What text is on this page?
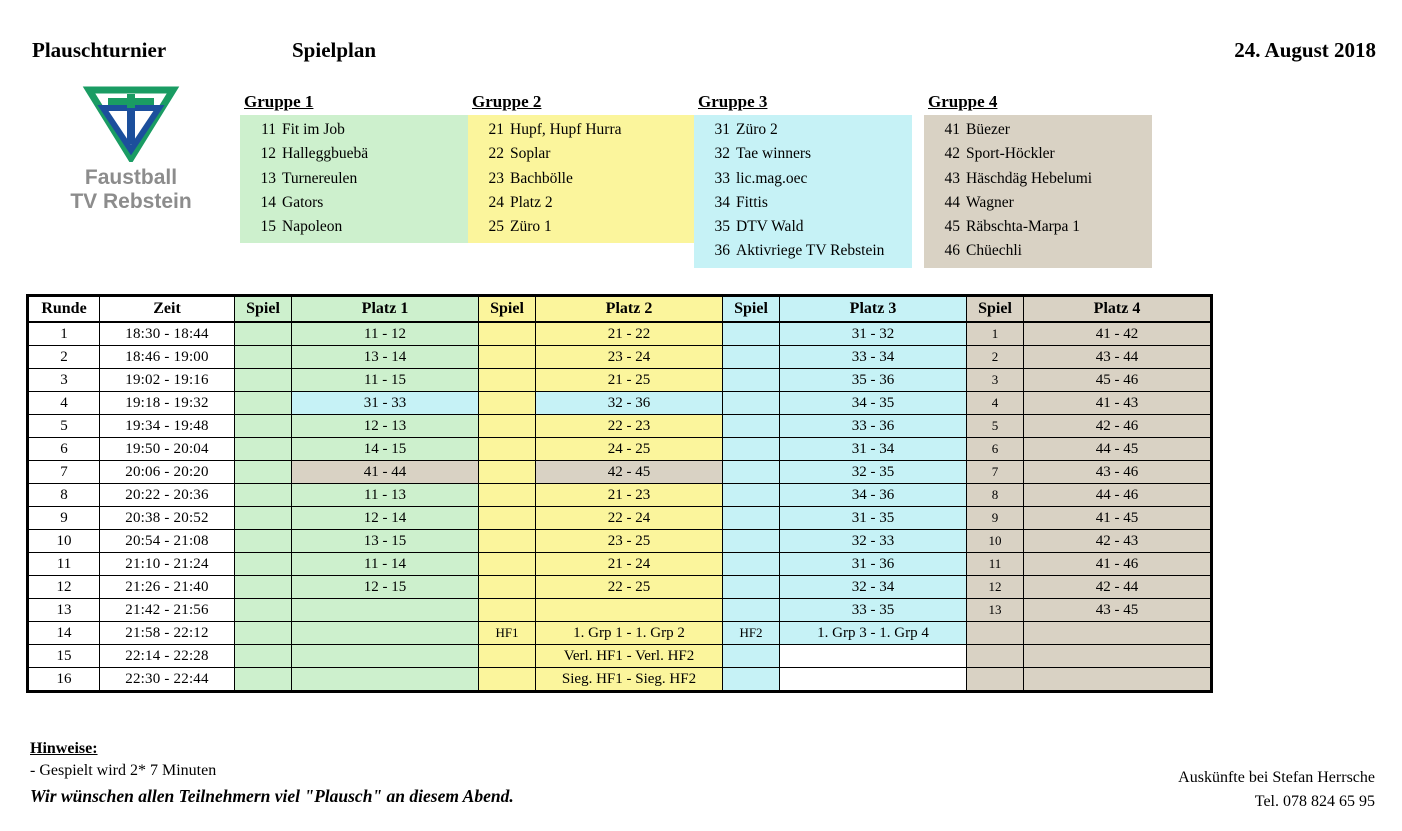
Plauschturnier	Spielplan	24. August 2018
Faustball
TV Rebstein
Gruppe 1
11 Fit im Job
12 Halleggbuebä
13 Turnereulen
14 Gators
15 Napoleon
Gruppe 2
21 Hupf, Hupf Hurra
22 Soplar
23 Bachbölle
24 Platz 2
25 Züro 1
Gruppe 3
31 Züro 2
32 Tae winners
33 lic.mag.oec
34 Fittis
35 DTV Wald
36 Aktivriege TV Rebstein
Gruppe 4
41 Büezer
42 Sport-Höckler
43 Häschdäg Hebelumi
44 Wagner
45 Räbschta-Marpa 1
46 Chüechli
Runde	Zeit	Spiel	Platz 1	Spiel	Platz 2	Spiel	Platz 3	Spiel	Platz 4
1	18:30 - 18:44		11 - 12		21 - 22		31 - 32	1	41 - 42
2	18:46 - 19:00		13 - 14		23 - 24		33 - 34	2	43 - 44
3	19:02 - 19:16		11 - 15		21 - 25		35 - 36	3	45 - 46
4	19:18 - 19:32		31 - 33		32 - 36		34 - 35	4	41 - 43
5	19:34 - 19:48		12 - 13		22 - 23		33 - 36	5	42 - 46
6	19:50 - 20:04		14 - 15		24 - 25		31 - 34	6	44 - 45
7	20:06 - 20:20		41 - 44		42 - 45		32 - 35	7	43 - 46
8	20:22 - 20:36		11 - 13		21 - 23		34 - 36	8	44 - 46
9	20:38 - 20:52		12 - 14		22 - 24		31 - 35	9	41 - 45
10	20:54 - 21:08		13 - 15		23 - 25		32 - 33	10	42 - 43
11	21:10 - 21:24		11 - 14		21 - 24		31 - 36	11	41 - 46
12	21:26 - 21:40		12 - 15		22 - 25		32 - 34	12	42 - 44
13	21:42 - 21:56						33 - 35	13	43 - 45
14	21:58 - 22:12			HF1	1. Grp 1 - 1. Grp 2	HF2	1. Grp 3 - 1. Grp 4		
15	22:14 - 22:28				Verl. HF1 - Verl. HF2				
16	22:30 - 22:44				Sieg. HF1 - Sieg. HF2				
Hinweise:
- Gespielt wird 2* 7 Minuten
Wir wünschen allen Teilnehmern viel "Plausch" an diesem Abend.
Auskünfte bei Stefan Herrsche
Tel. 078 824 65 95
